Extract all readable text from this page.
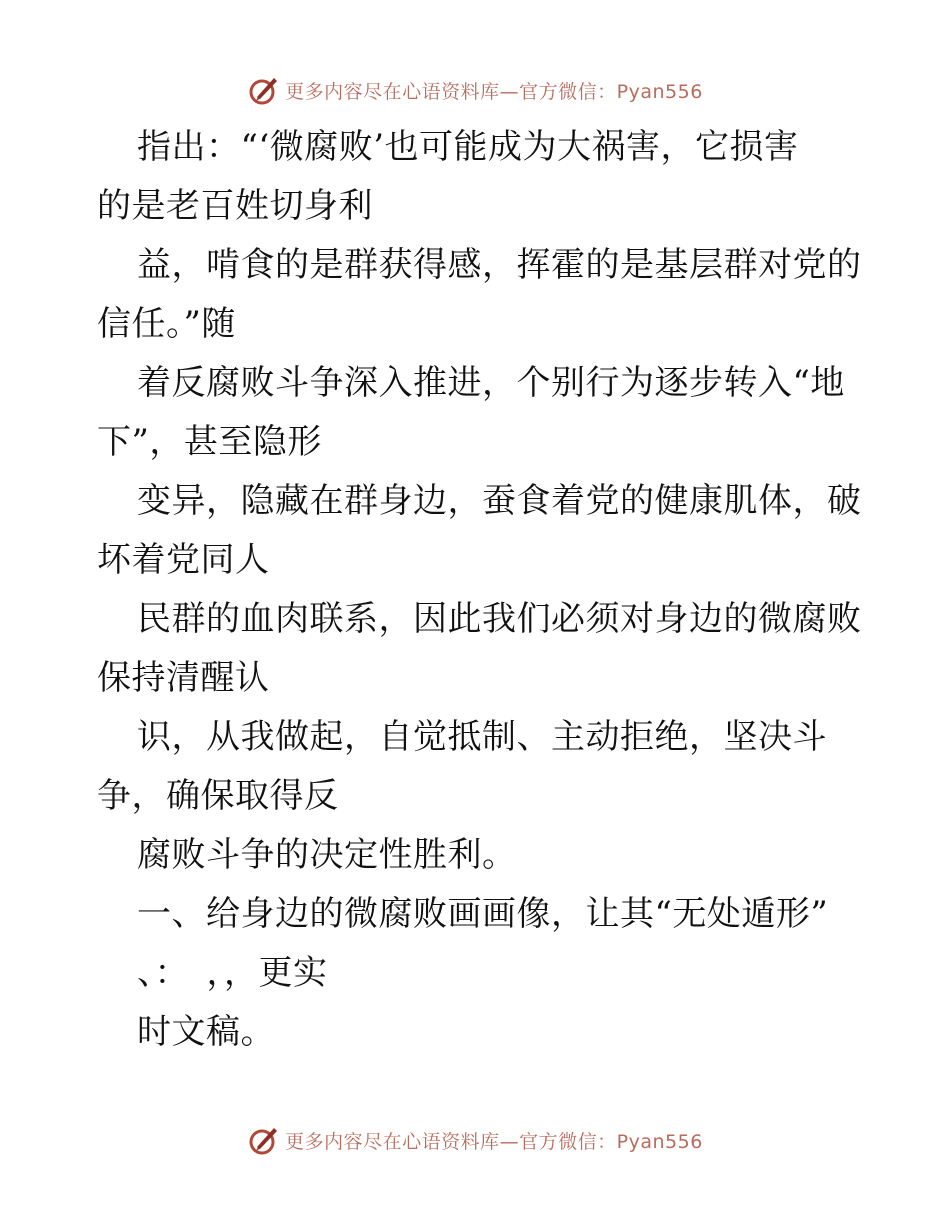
更多内容尽在心语资料库—官方微信：Pyan556
指出：“‘微腐败’也可能成为大祸害，它损害
的是老百姓切身利
益，啃食的是群获得感，挥霍的是基层群对党的
信任。”随
着反腐败斗争深入推进，个别行为逐步转入“地
下”，甚至隐形
变异，隐藏在群身边，蚕食着党的健康肌体，破
坏着党同人
民群的血肉联系，因此我们必须对身边的微腐败
保持清醒认
识，从我做起，自觉抵制、主动拒绝，坚决斗
争，确保取得反
腐败斗争的决定性胜利。
一、给身边的微腐败画画像，让其“无处遁形”
、：　，，更实
时文稿。
更多内容尽在心语资料库—官方微信：Pyan556
